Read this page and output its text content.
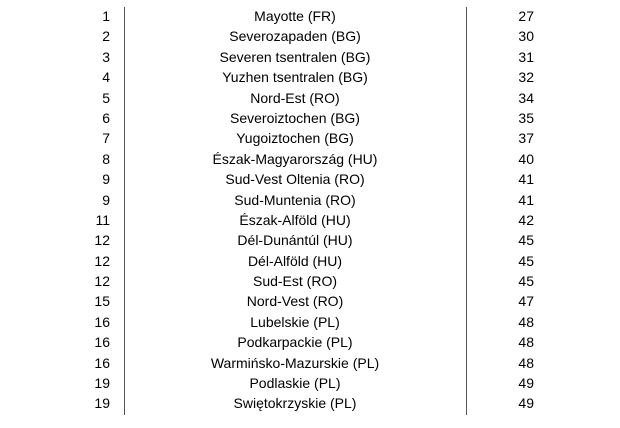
1	Mayotte (FR)	27
2	Severozapaden (BG)	30
3	Severen tsentralen (BG)	31
4	Yuzhen tsentralen (BG)	32
5	Nord-Est (RO)	34
6	Severoiztochen (BG)	35
7	Yugoiztochen (BG)	37
8	Észak-Magyarország (HU)	40
9	Sud-Vest Oltenia (RO)	41
9	Sud-Muntenia (RO)	41
11	Észak-Alföld (HU)	42
12	Dél-Dunántúl (HU)	45
12	Dél-Alföld (HU)	45
12	Sud-Est (RO)	45
15	Nord-Vest (RO)	47
16	Lubelskie (PL)	48
16	Podkarpackie (PL)	48
16	Warmińsko-Mazurskie (PL)	48
19	Podlaskie (PL)	49
19	Swiętokrzyskie (PL)	49
